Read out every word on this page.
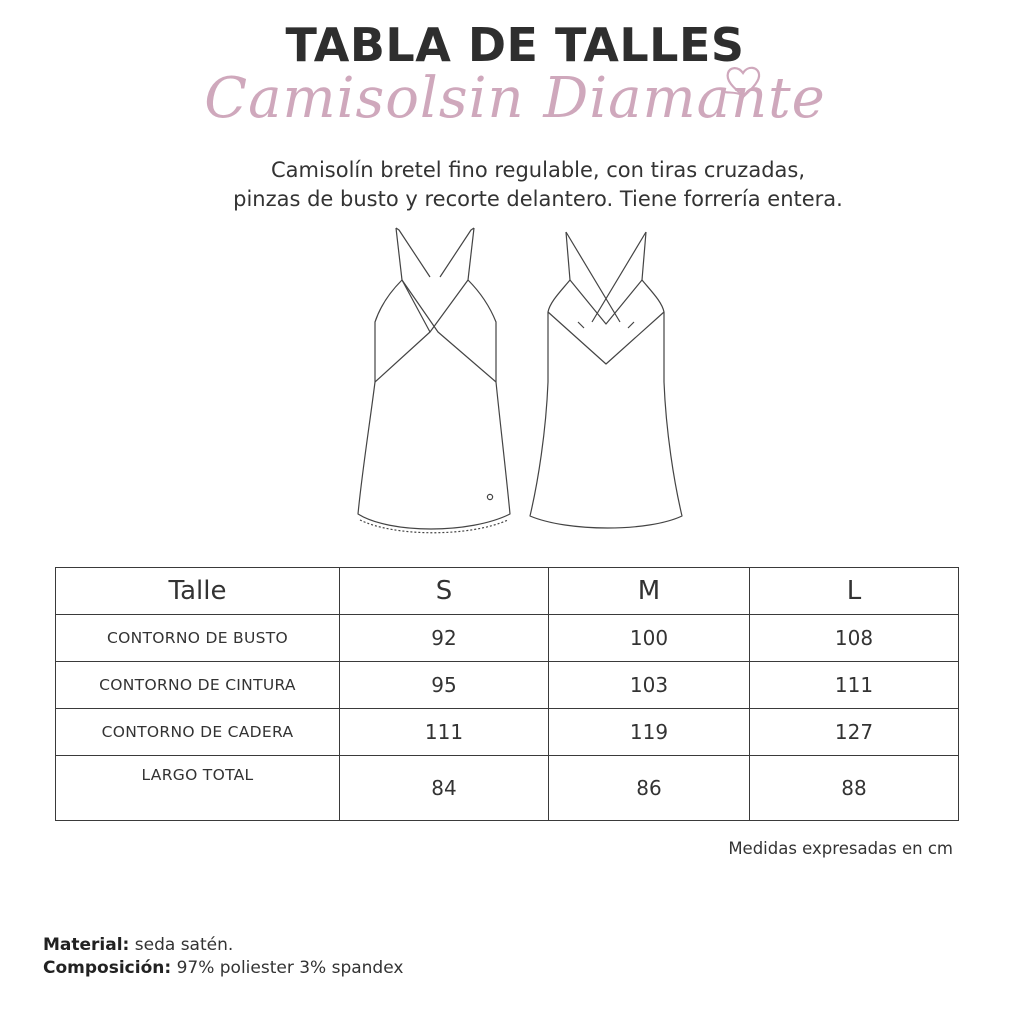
TABLA DE TALLES
Camisolsin Diamante
Camisolín bretel fino regulable, con tiras cruzadas,
pinzas de busto y recorte delantero. Tiene forrería entera.
Talle	S	M	L
CONTORNO DE BUSTO	92	100	108
CONTORNO DE CINTURA	95	103	111
CONTORNO DE CADERA	111	119	127
LARGO TOTAL	84	86	88
Medidas expresadas en cm
Material: seda satén.
Composición: 97% poliester 3% spandex
